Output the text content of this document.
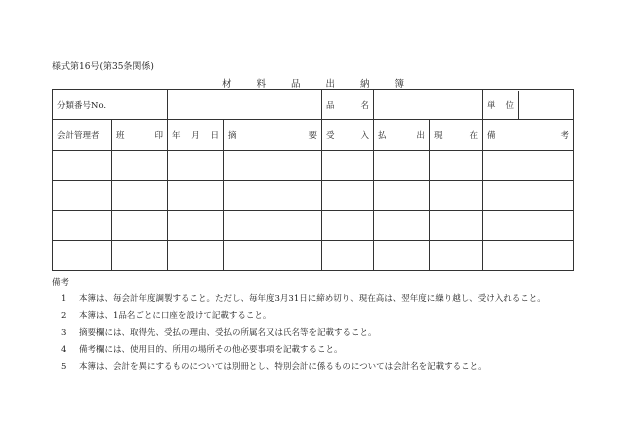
様式第16号(第35条関係)
材料品出納簿
分類番号No.				品 名			単 位

会計管理者	班 印	年 月 日	摘 要	受 入	払 出	現 在	備 考

備考
1	本簿は、毎会計年度調製すること。ただし、毎年度3月31日に締め切り、現在高は、翌年度に繰り越し、受け入れること。
2	本簿は、1品名ごとに口座を設けて記載すること。
3	摘要欄には、取得先、受払の理由、受払の所属名又は氏名等を記載すること。
4	備考欄には、使用目的、所用の場所その他必要事項を記載すること。
5	本簿は、会計を異にするものについては別冊とし、特別会計に係るものについては会計名を記載すること。
